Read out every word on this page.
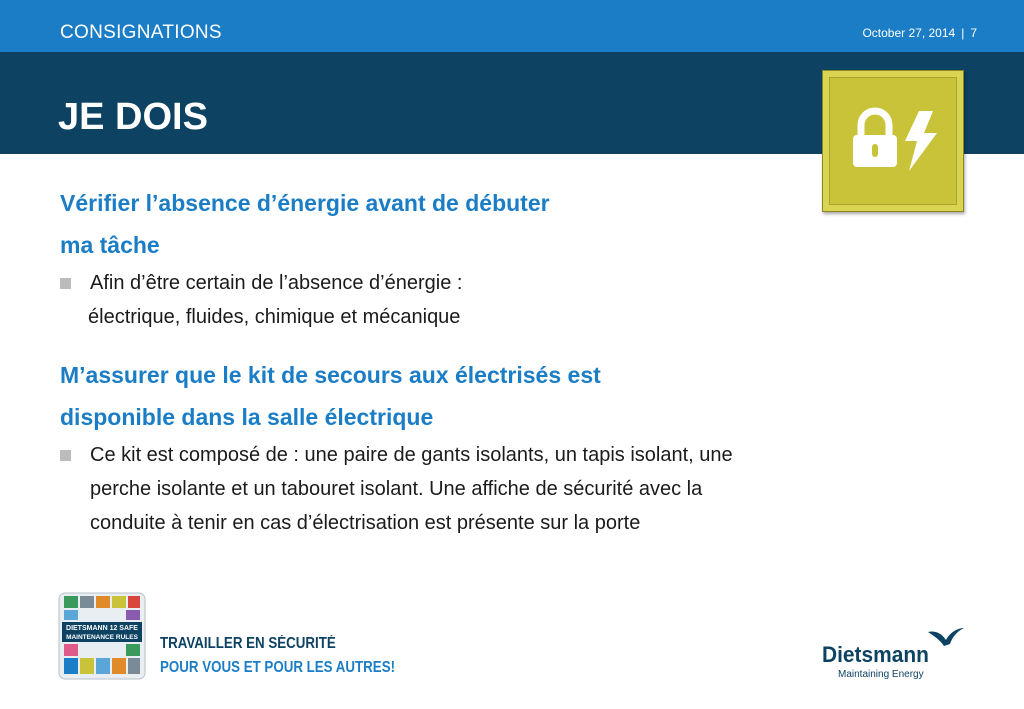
CONSIGNATIONS	October 27, 2014 | 7
JE DOIS

Vérifier l’absence d’énergie avant de débuter
ma tâche

Afin d’être certain de l’absence d’énergie :
électrique, fluides, chimique et mécanique

M’assurer que le kit de secours aux électrisés est
disponible dans la salle électrique

Ce kit est composé de : une paire de gants isolants, un tapis isolant, une perche isolante et un tabouret isolant. Une affiche de sécurité avec la conduite à tenir en cas d’électrisation est présente sur la porte

DIETSMANN 12 SAFE
MAINTENANCE RULES TRAVAILLER EN SÉCURITÉ
POUR VOUS ET POUR LES AUTRES!
Dietsmann
Maintaining Energy
